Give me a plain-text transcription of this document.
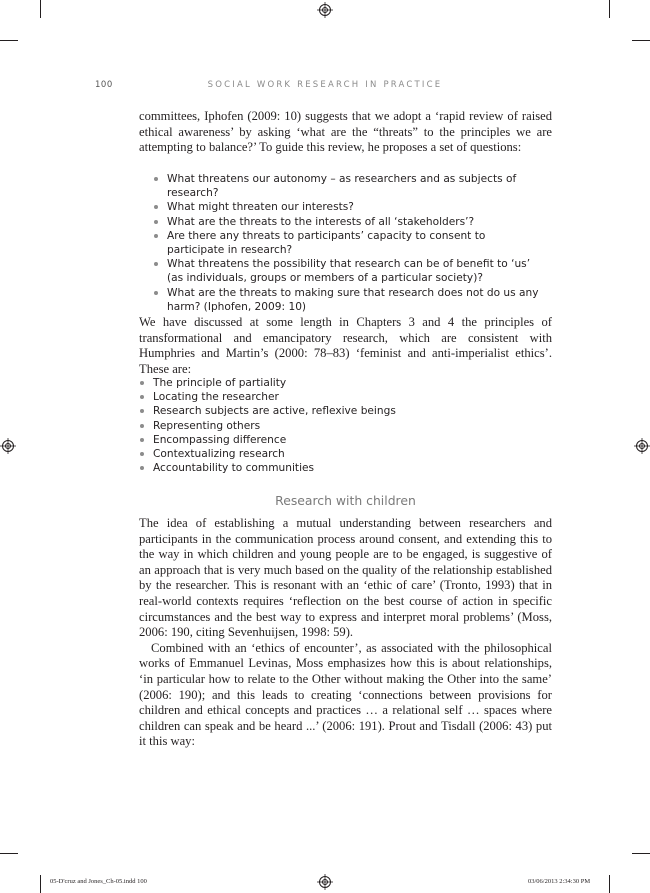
100	SOCIAL WORK RESEARCH IN PRACTICE

committees, Iphofen (2009: 10) suggests that we adopt a ‘rapid review of raised ethical awareness’ by asking ‘what are the “threats” to the principles we are attempting to balance?’ To guide this review, he proposes a set of questions:

What threatens our autonomy – as researchers and as subjects of research?
What might threaten our interests?
What are the threats to the interests of all ‘stakeholders’?
Are there any threats to participants’ capacity to consent to participate in research?
What threatens the possibility that research can be of benefit to ‘us’ (as individuals, groups or members of a particular society)?
What are the threats to making sure that research does not do us any harm? (Iphofen, 2009: 10)

We have discussed at some length in Chapters 3 and 4 the principles of transformational and emancipatory research, which are consistent with Humphries and Martin’s (2000: 78–83) ‘feminist and anti-imperialist ethics’. These are:

The principle of partiality
Locating the researcher
Research subjects are active, reflexive beings
Representing others
Encompassing difference
Contextualizing research
Accountability to communities
Research with children

The idea of establishing a mutual understanding between researchers and participants in the communication process around consent, and extending this to the way in which children and young people are to be engaged, is suggestive of an approach that is very much based on the quality of the relationship established by the researcher. This is resonant with an ‘ethic of care’ (Tronto, 1993) that in real-world contexts requires ‘reflection on the best course of action in specific circumstances and the best way to express and interpret moral problems’ (Moss, 2006: 190, citing Sevenhuijsen, 1998: 59).

Combined with an ‘ethics of encounter’, as associated with the philosophical works of Emmanuel Levinas, Moss emphasizes how this is about relationships, ‘in particular how to relate to the Other without making the Other into the same’ (2006: 190); and this leads to creating ‘connections between provisions for children and ethical concepts and practices … a relational self … spaces where children can speak and be heard ...’ (2006: 191). Prout and Tisdall (2006: 43) put it this way:

05-D'cruz and Jones_Ch-05.indd 100	03/06/2013 2:34:30 PM
